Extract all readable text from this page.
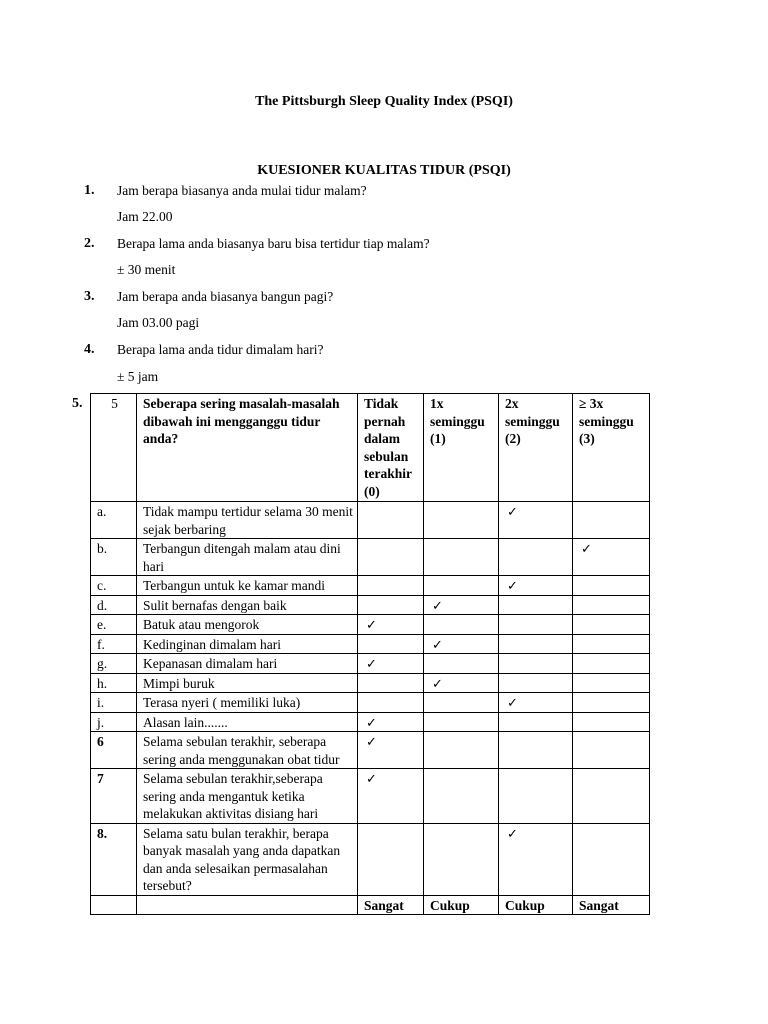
The Pittsburgh Sleep Quality Index (PSQI)
KUESIONER KUALITAS TIDUR (PSQI)
1. Jam berapa biasanya anda mulai tidur malam?
Jam 22.00
2. Berapa lama anda biasanya baru bisa tertidur tiap malam?
± 30 menit
3. Jam berapa anda biasanya bangun pagi?
Jam 03.00 pagi
4. Berapa lama anda tidur dimalam hari?
± 5 jam
5. 5	Seberapa sering masalah-masalah dibawah ini mengganggu tidur anda?	Tidak pernah dalam sebulan terakhir (0)	1x seminggu (1)	2x seminggu (2)	≥ 3x seminggu (3)
a.	Tidak mampu tertidur selama 30 menit sejak berbaring			✓	
b.	Terbangun ditengah malam atau dini hari				✓
c.	Terbangun untuk ke kamar mandi			✓	
d.	Sulit bernafas dengan baik		✓		
e.	Batuk atau mengorok	✓			
f.	Kedinginan dimalam hari		✓		
g.	Kepanasan dimalam hari	✓			
h.	Mimpi buruk		✓		
i.	Terasa nyeri ( memiliki luka)			✓	
j.	Alasan lain.......	✓			
6	Selama sebulan terakhir, seberapa sering anda menggunakan obat tidur	✓			
7	Selama sebulan terakhir,seberapa sering anda mengantuk ketika melakukan aktivitas disiang hari	✓			
8.	Selama satu bulan terakhir, berapa banyak masalah yang anda dapatkan dan anda selesaikan permasalahan tersebut?			✓	
		Sangat	Cukup	Cukup	Sangat
